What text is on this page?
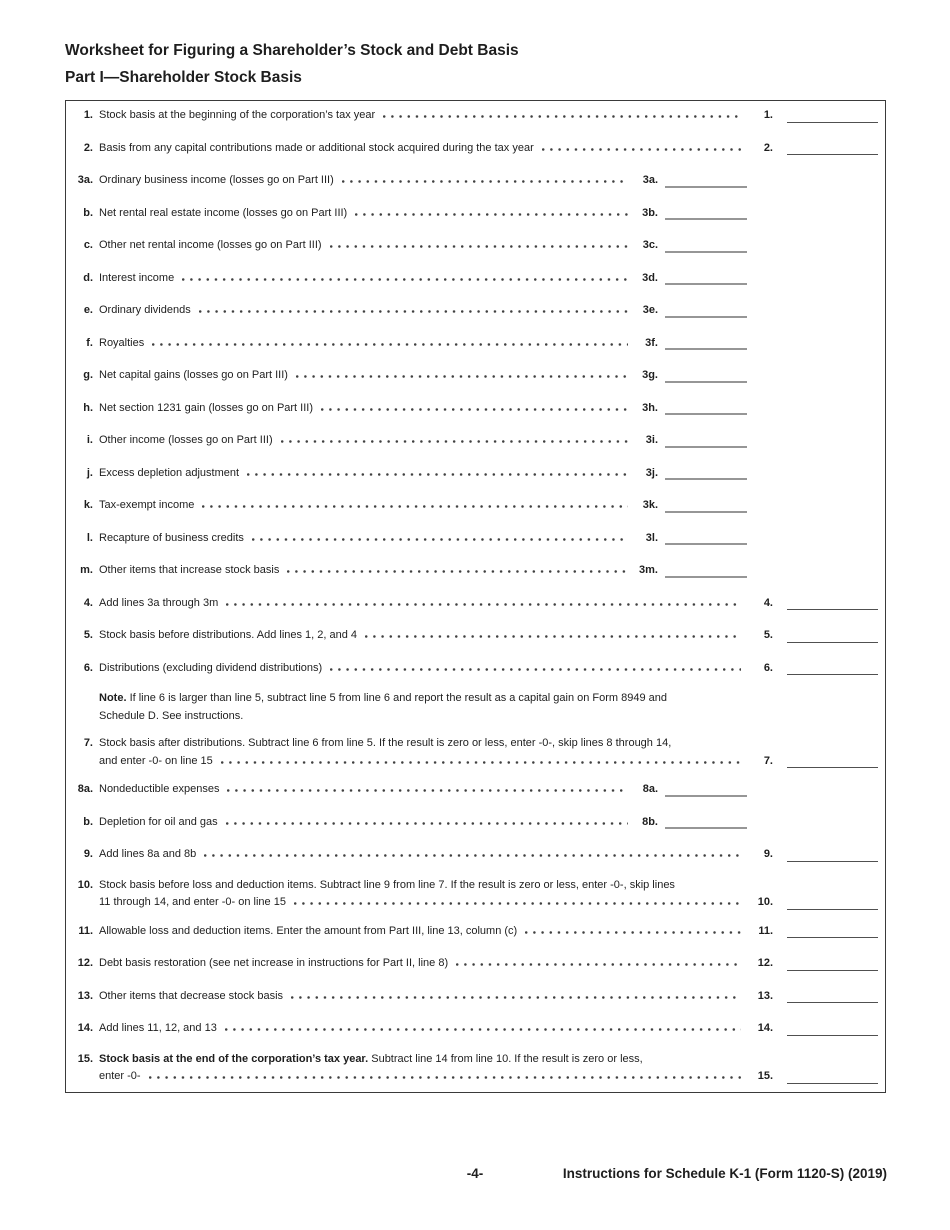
Worksheet for Figuring a Shareholder’s Stock and Debt Basis
Part I—Shareholder Stock Basis
1. Stock basis at the beginning of the corporation’s tax year	1.
2. Basis from any capital contributions made or additional stock acquired during the tax year	2.
3a. Ordinary business income (losses go on Part III)	3a.
b. Net rental real estate income (losses go on Part III)	3b.
c. Other net rental income (losses go on Part III)	3c.
d. Interest income	3d.
e. Ordinary dividends	3e.
f. Royalties	3f.
g. Net capital gains (losses go on Part III)	3g.
h. Net section 1231 gain (losses go on Part III)	3h.
i. Other income (losses go on Part III)	3i.
j. Excess depletion adjustment	3j.
k. Tax-exempt income	3k.
l. Recapture of business credits	3l.
m. Other items that increase stock basis	3m.
4. Add lines 3a through 3m	4.
5. Stock basis before distributions. Add lines 1, 2, and 4	5.
6. Distributions (excluding dividend distributions)	6.
Note. If line 6 is larger than line 5, subtract line 5 from line 6 and report the result as a capital gain on Form 8949 and
Schedule D. See instructions.
7. Stock basis after distributions. Subtract line 6 from line 5. If the result is zero or less, enter -0-, skip lines 8 through 14,
and enter -0- on line 15	7.
8a. Nondeductible expenses	8a.
b. Depletion for oil and gas	8b.
9. Add lines 8a and 8b	9.
10. Stock basis before loss and deduction items. Subtract line 9 from line 7. If the result is zero or less, enter -0-, skip lines
11 through 14, and enter -0- on line 15	10.
11. Allowable loss and deduction items. Enter the amount from Part III, line 13, column (c)	11.
12. Debt basis restoration (see net increase in instructions for Part II, line 8)	12.
13. Other items that decrease stock basis	13.
14. Add lines 11, 12, and 13	14.
15. Stock basis at the end of the corporation’s tax year. Subtract line 14 from line 10. If the result is zero or less,
enter -0-	15.
-4-	Instructions for Schedule K-1 (Form 1120-S) (2019)
